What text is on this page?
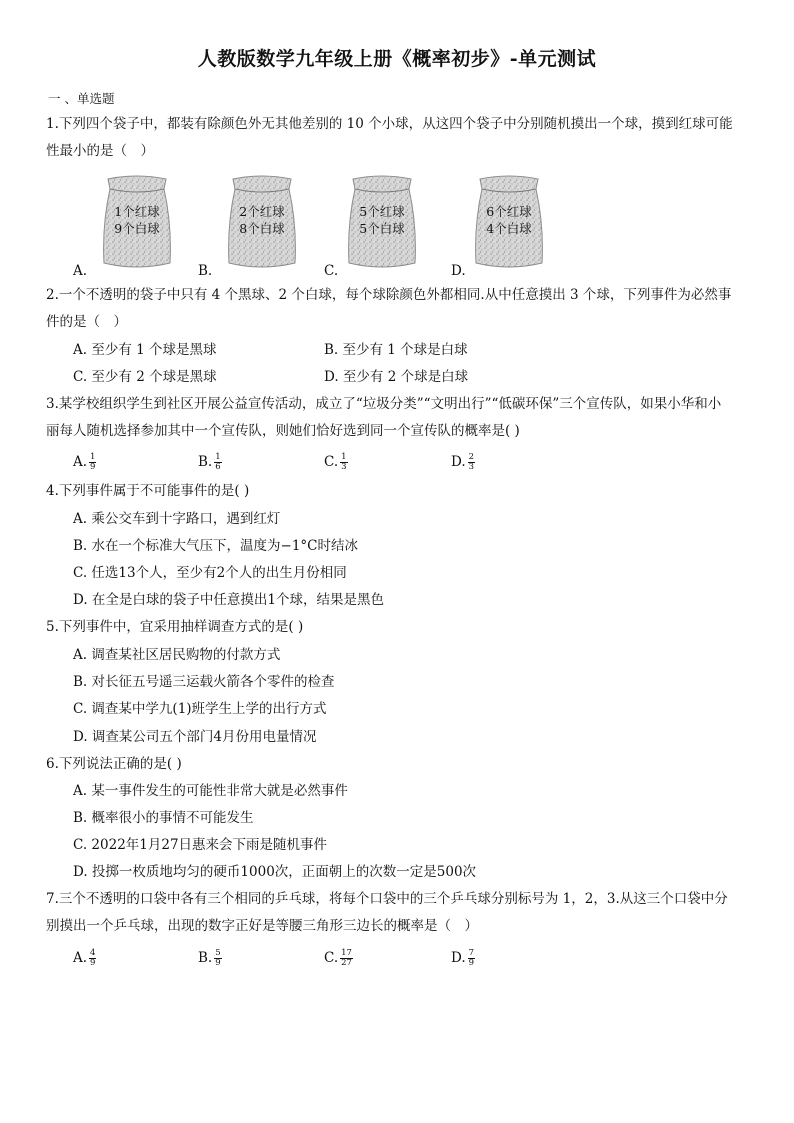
人教版数学九年级上册《概率初步》-单元测试
一 、单选题
1.下列四个袋子中，都装有除颜色外无其他差别的 10 个小球，从这四个袋子中分别随机摸出一个球，摸到红球可能
性最小的是（　）
1个红球
9个白球
2个红球
8个白球
5个红球
5个白球
6个红球
4个白球
A.	B.	C.	D.
2.一个不透明的袋子中只有 4 个黑球、2 个白球，每个球除颜色外都相同.从中任意摸出 3 个球，下列事件为必然事
件的是（　）
A. 至少有 1 个球是黑球	B. 至少有 1 个球是白球
C. 至少有 2 个球是黑球	D. 至少有 2 个球是白球
3.某学校组织学生到社区开展公益宣传活动，成立了“垃圾分类”“文明出行”“低碳环保”三个宣传队，如果小华和小
丽每人随机选择参加其中一个宣传队，则她们恰好选到同一个宣传队的概率是( )
A. $\frac{1}{9}$	B. $\frac{1}{6}$	C. $\frac{1}{3}$	D. $\frac{2}{3}$
4.下列事件属于不可能事件的是( )
A. 乘公交车到十字路口，遇到红灯
B. 水在一个标准大气压下，温度为−1°C时结冰
C. 任选13个人，至少有2个人的出生月份相同
D. 在全是白球的袋子中任意摸出1个球，结果是黑色
5.下列事件中，宜采用抽样调查方式的是( )
A. 调查某社区居民购物的付款方式
B. 对长征五号遥三运载火箭各个零件的检查
C. 调查某中学九(1)班学生上学的出行方式
D. 调查某公司五个部门4月份用电量情况
6.下列说法正确的是( )
A. 某一事件发生的可能性非常大就是必然事件
B. 概率很小的事情不可能发生
C. 2022年1月27日惠来会下雨是随机事件
D. 投掷一枚质地均匀的硬币1000次，正面朝上的次数一定是500次
7.三个不透明的口袋中各有三个相同的乒乓球，将每个口袋中的三个乒乓球分别标号为 1，2，3.从这三个口袋中分
别摸出一个乒乓球，出现的数字正好是等腰三角形三边长的概率是（　）
A. $\frac{4}{9}$	B. $\frac{5}{9}$	C. $\frac{17}{27}$	D. $\frac{7}{9}$
